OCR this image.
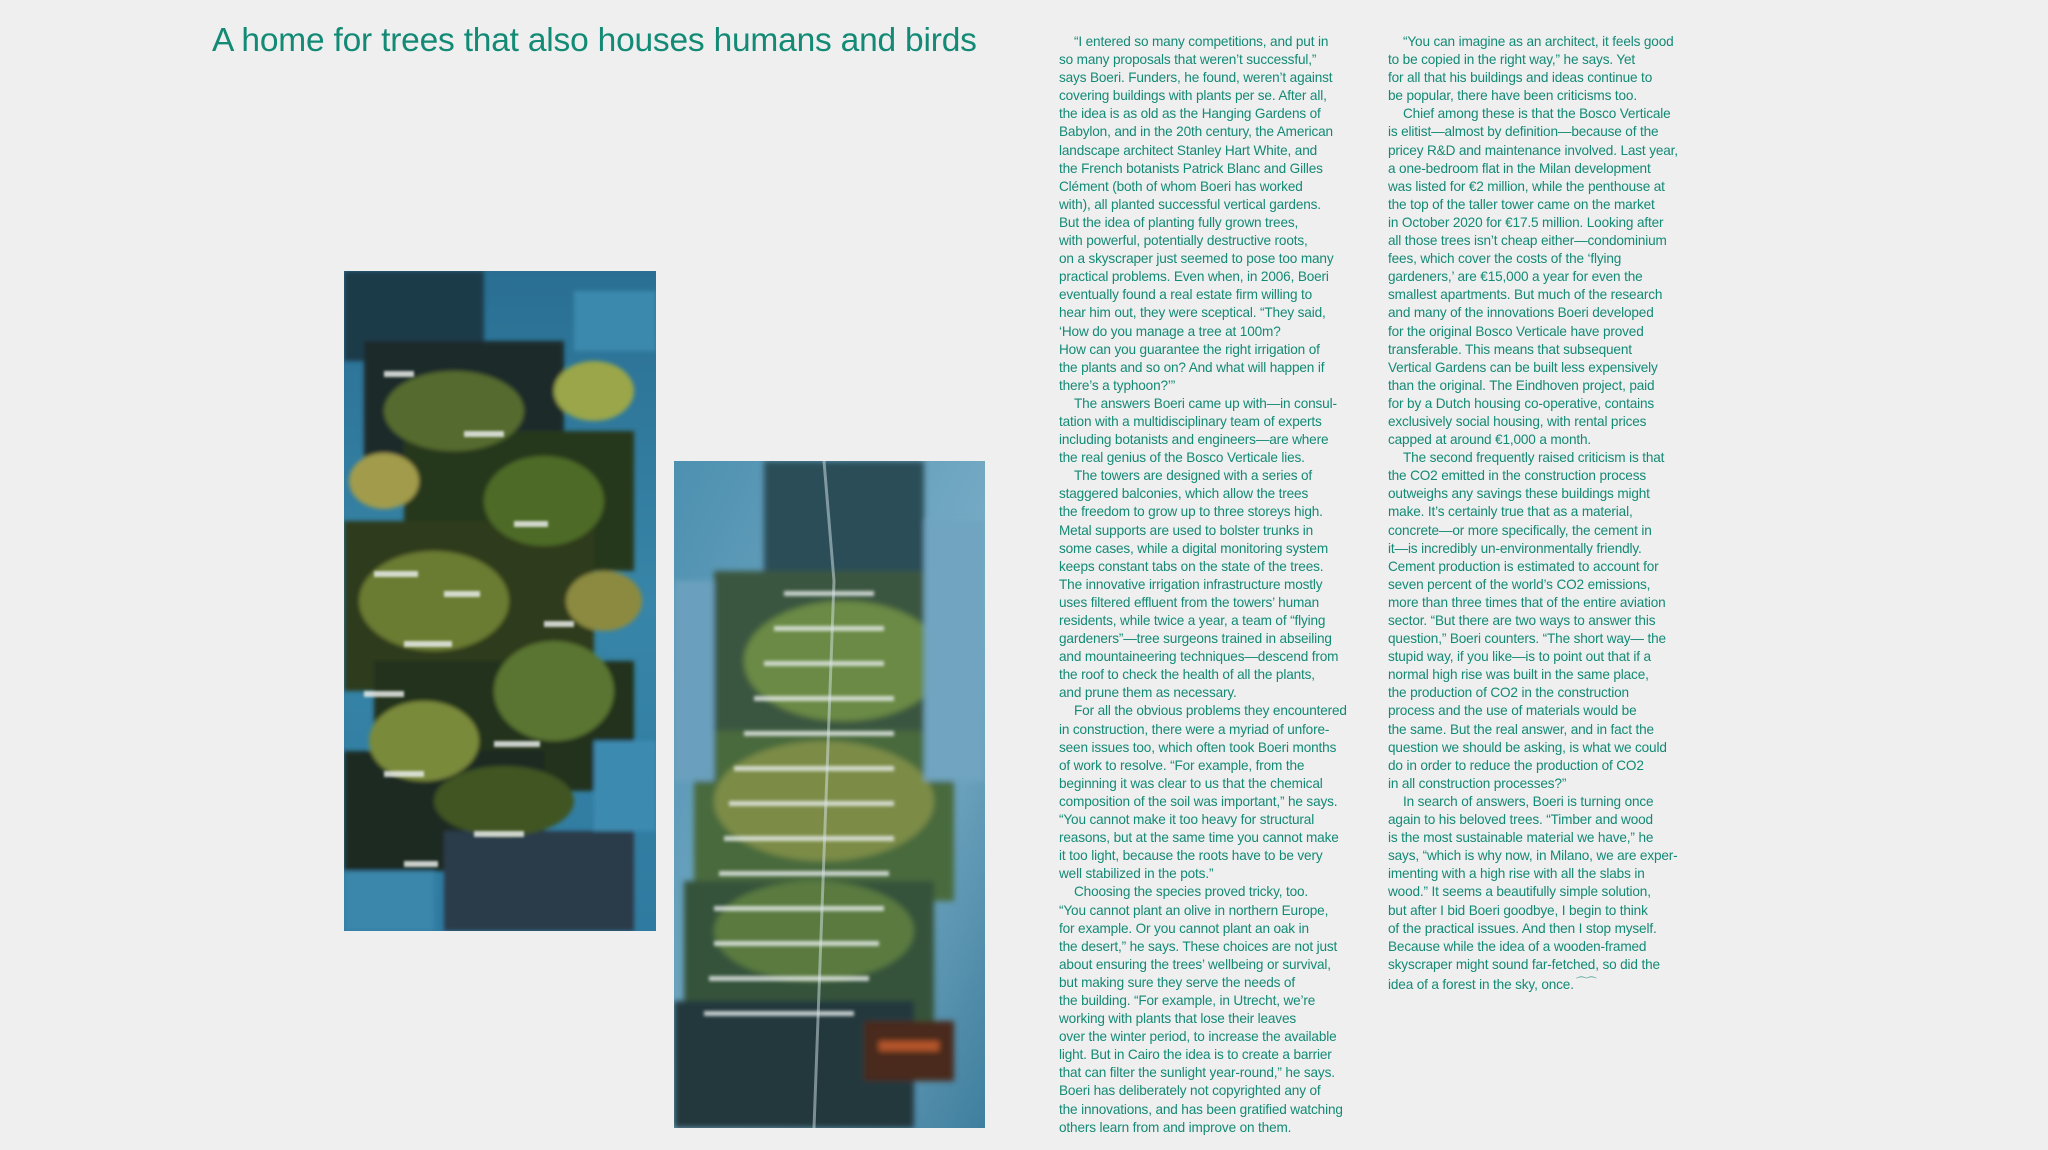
A home for trees that also houses humans and birds	“I entered so many competitions, and put in
so many proposals that weren’t successful,”
says Boeri. Funders, he found, weren’t against
covering buildings with plants per se. After all,
the idea is as old as the Hanging Gardens of
Babylon, and in the 20th century, the American
landscape architect Stanley Hart White, and
the French botanists Patrick Blanc and Gilles
Clément (both of whom Boeri has worked
with), all planted successful vertical gardens.
But the idea of planting fully grown trees,
with powerful, potentially destructive roots,
on a skyscraper just seemed to pose too many
practical problems. Even when, in 2006, Boeri
eventually found a real estate firm willing to
hear him out, they were sceptical. “They said,
‘How do you manage a tree at 100m?
How can you guarantee the right irrigation of
the plants and so on? And what will happen if
there’s a typhoon?’”
The answers Boeri came up with—in consul-
tation with a multidisciplinary team of experts
including botanists and engineers—are where
the real genius of the Bosco Verticale lies.
The towers are designed with a series of
staggered balconies, which allow the trees
the freedom to grow up to three storeys high.
Metal supports are used to bolster trunks in
some cases, while a digital monitoring system
keeps constant tabs on the state of the trees.
The innovative irrigation infrastructure mostly
uses filtered effluent from the towers’ human
residents, while twice a year, a team of “flying
gardeners”—tree surgeons trained in abseiling
and mountaineering techniques—descend from
the roof to check the health of all the plants,
and prune them as necessary.
For all the obvious problems they encountered
in construction, there were a myriad of unfore-
seen issues too, which often took Boeri months
of work to resolve. “For example, from the
beginning it was clear to us that the chemical
composition of the soil was important,” he says.
“You cannot make it too heavy for structural
reasons, but at the same time you cannot make
it too light, because the roots have to be very
well stabilized in the pots.”
Choosing the species proved tricky, too.
“You cannot plant an olive in northern Europe,
for example. Or you cannot plant an oak in
the desert,” he says. These choices are not just
about ensuring the trees’ wellbeing or survival,
but making sure they serve the needs of
the building. “For example, in Utrecht, we’re
working with plants that lose their leaves
over the winter period, to increase the available
light. But in Cairo the idea is to create a barrier
that can filter the sunlight year-round,” he says.
Boeri has deliberately not copyrighted any of
the innovations, and has been gratified watching
others learn from and improve on them.
“You can imagine as an architect, it feels good
to be copied in the right way,” he says. Yet
for all that his buildings and ideas continue to
be popular, there have been criticisms too.
Chief among these is that the Bosco Verticale
is elitist—almost by definition—because of the
pricey R&D and maintenance involved. Last year,
a one-bedroom flat in the Milan development
was listed for €2 million, while the penthouse at
the top of the taller tower came on the market
in October 2020 for €17.5 million. Looking after
all those trees isn’t cheap either—condominium
fees, which cover the costs of the ‘flying
gardeners,’ are €15,000 a year for even the
smallest apartments. But much of the research
and many of the innovations Boeri developed
for the original Bosco Verticale have proved
transferable. This means that subsequent
Vertical Gardens can be built less expensively
than the original. The Eindhoven project, paid
for by a Dutch housing co-operative, contains
exclusively social housing, with rental prices
capped at around €1,000 a month.
The second frequently raised criticism is that
the CO2 emitted in the construction process
outweighs any savings these buildings might
make. It’s certainly true that as a material,
concrete—or more specifically, the cement in
it—is incredibly un-environmentally friendly.
Cement production is estimated to account for
seven percent of the world’s CO2 emissions,
more than three times that of the entire aviation
sector. “But there are two ways to answer this
question,” Boeri counters. “The short way— the
stupid way, if you like—is to point out that if a
normal high rise was built in the same place,
the production of CO2 in the construction
process and the use of materials would be
the same. But the real answer, and in fact the
question we should be asking, is what we could
do in order to reduce the production of CO2
in all construction processes?”
In search of answers, Boeri is turning once
again to his beloved trees. “Timber and wood
is the most sustainable material we have,” he
says, “which is why now, in Milano, we are exper-
imenting with a high rise with all the slabs in
wood.” It seems a beautifully simple solution,
but after I bid Boeri goodbye, I begin to think
of the practical issues. And then I stop myself.
Because while the idea of a wooden-framed
skyscraper might sound far-fetched, so did the
idea of a forest in the sky, once. ⌒⌒
